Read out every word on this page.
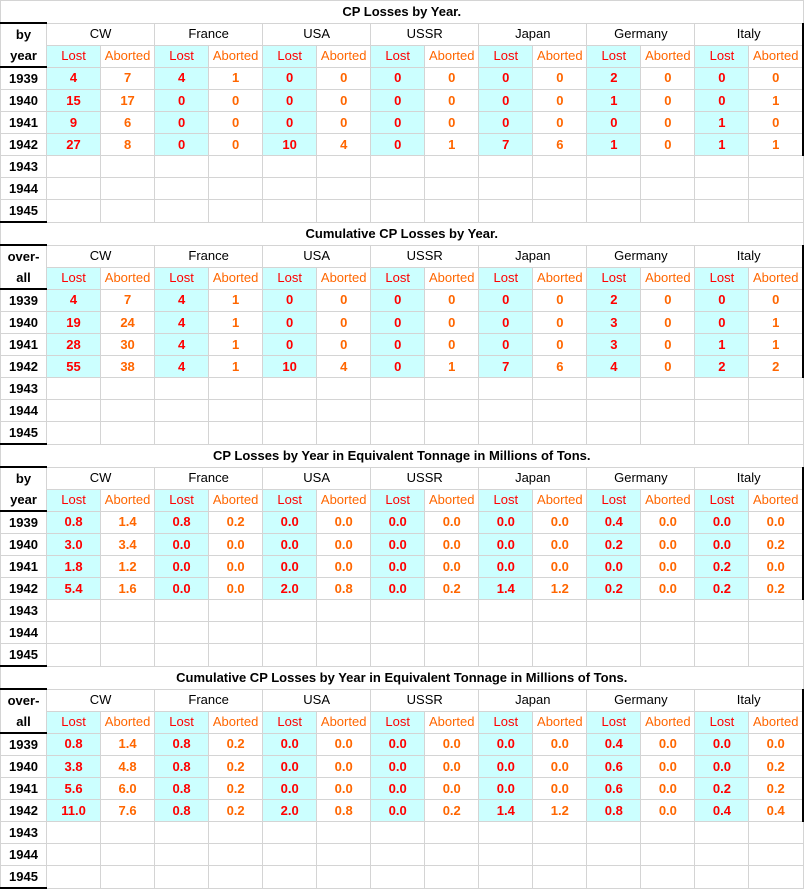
CP Losses by Year.														
by	CW		France		USA		USSR		Japan		Germany		Italy	
year	Lost	Aborted	Lost	Aborted	Lost	Aborted	Lost	Aborted	Lost	Aborted	Lost	Aborted	Lost	Aborted
1939	4	7	4	1	0	0	0	0	0	0	2	0	0	0
1940	15	17	0	0	0	0	0	0	0	0	1	0	0	1
1941	9	6	0	0	0	0	0	0	0	0	0	0	1	0
1942	27	8	0	0	10	4	0	1	7	6	1	0	1	1
1943														
1944														
1945														
Cumulative CP Losses by Year.														
over-	CW		France		USA		USSR		Japan		Germany		Italy	
all	Lost	Aborted	Lost	Aborted	Lost	Aborted	Lost	Aborted	Lost	Aborted	Lost	Aborted	Lost	Aborted
1939	4	7	4	1	0	0	0	0	0	0	2	0	0	0
1940	19	24	4	1	0	0	0	0	0	0	3	0	0	1
1941	28	30	4	1	0	0	0	0	0	0	3	0	1	1
1942	55	38	4	1	10	4	0	1	7	6	4	0	2	2
1943														
1944														
1945														
CP Losses by Year in Equivalent Tonnage in Millions of Tons.														
by	CW		France		USA		USSR		Japan		Germany		Italy	
year	Lost	Aborted	Lost	Aborted	Lost	Aborted	Lost	Aborted	Lost	Aborted	Lost	Aborted	Lost	Aborted
1939	0.8	1.4	0.8	0.2	0.0	0.0	0.0	0.0	0.0	0.0	0.4	0.0	0.0	0.0
1940	3.0	3.4	0.0	0.0	0.0	0.0	0.0	0.0	0.0	0.0	0.2	0.0	0.0	0.2
1941	1.8	1.2	0.0	0.0	0.0	0.0	0.0	0.0	0.0	0.0	0.0	0.0	0.2	0.0
1942	5.4	1.6	0.0	0.0	2.0	0.8	0.0	0.2	1.4	1.2	0.2	0.0	0.2	0.2
1943														
1944														
1945														
Cumulative CP Losses by Year in Equivalent Tonnage in Millions of Tons.														
over-	CW		France		USA		USSR		Japan		Germany		Italy	
all	Lost	Aborted	Lost	Aborted	Lost	Aborted	Lost	Aborted	Lost	Aborted	Lost	Aborted	Lost	Aborted
1939	0.8	1.4	0.8	0.2	0.0	0.0	0.0	0.0	0.0	0.0	0.4	0.0	0.0	0.0
1940	3.8	4.8	0.8	0.2	0.0	0.0	0.0	0.0	0.0	0.0	0.6	0.0	0.0	0.2
1941	5.6	6.0	0.8	0.2	0.0	0.0	0.0	0.0	0.0	0.0	0.6	0.0	0.2	0.2
1942	11.0	7.6	0.8	0.2	2.0	0.8	0.0	0.2	1.4	1.2	0.8	0.0	0.4	0.4
1943														
1944														
1945														
